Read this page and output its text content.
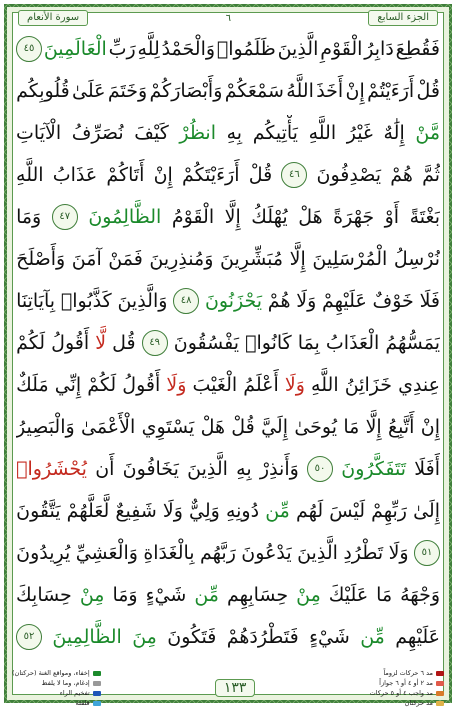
الجزء السابع
٦
سورة الأنعام
فَقُطِعَ
دَابِرُ
الْقَوْمِ
الَّذِينَ
ظَلَمُوا۟
وَالْحَمْدُ
لِلَّهِ
رَبِّ
الْعَالَمِينَ
٤٥
قُلْ
أَرَءَيْتُمْ
إِنْ
أَخَذَ
اللَّهُ
سَمْعَكُمْ
وَأَبْصَارَكُمْ
وَخَتَمَ
عَلَىٰ
قُلُوبِكُم
مَّنْ
إِلَٰهٌ
غَيْرُ
اللَّهِ
يَأْتِيكُم
بِهِ
انظُرْ
كَيْفَ
نُصَرِّفُ
الْآيَاتِ
ثُمَّ
هُمْ
يَصْدِفُونَ
٤٦
قُلْ
أَرَءَيْتَكُمْ
إِنْ
أَتَاكُمْ
عَذَابُ
اللَّهِ
بَغْتَةً
أَوْ
جَهْرَةً
هَلْ
يُهْلَكُ
إِلَّا
الْقَوْمُ
الظَّالِمُونَ
٤٧
وَمَا
نُرْسِلُ
الْمُرْسَلِينَ
إِلَّا
مُبَشِّرِينَ
وَمُنذِرِينَ
فَمَنْ
آمَنَ
وَأَصْلَحَ
فَلَا
خَوْفٌ
عَلَيْهِمْ
وَلَا
هُمْ
يَحْزَنُونَ
٤٨
وَالَّذِينَ
كَذَّبُوا۟
بِآيَاتِنَا
يَمَسُّهُمُ
الْعَذَابُ
بِمَا
كَانُوا۟
يَفْسُقُونَ
٤٩
قُل
لَّا
أَقُولُ
لَكُمْ
عِندِي
خَزَائِنُ
اللَّهِ
وَلَا
أَعْلَمُ
الْغَيْبَ
وَلَا
أَقُولُ
لَكُمْ
إِنِّي
مَلَكٌ
إِنْ
أَتَّبِعُ
إِلَّا
مَا
يُوحَىٰ
إِلَيَّ
قُلْ
هَلْ
يَسْتَوِي
الْأَعْمَىٰ
وَالْبَصِيرُ
أَفَلَا
تَتَفَكَّرُونَ
٥٠
وَأَنذِرْ
بِهِ
الَّذِينَ
يَخَافُونَ
أَن
يُحْشَرُوا۟
إِلَىٰ
رَبِّهِمْ
لَيْسَ
لَهُم
مِّن
دُونِهِ
وَلِيٌّ
وَلَا
شَفِيعٌ
لَّعَلَّهُمْ
يَتَّقُونَ
٥١
وَلَا
تَطْرُدِ
الَّذِينَ
يَدْعُونَ
رَبَّهُم
بِالْغَدَاةِ
وَالْعَشِيِّ
يُرِيدُونَ
وَجْهَهُ
مَا
عَلَيْكَ
مِنْ
حِسَابِهِم
مِّن
شَيْءٍ
وَمَا
مِنْ
حِسَابِكَ
عَلَيْهِم
مِّن
شَيْءٍ
فَتَطْرُدَهُمْ
فَتَكُونَ
مِنَ
الظَّالِمِينَ
٥٢
مد ٦ حركات لزوماً
مد ٢ أو ٤ أو ٦ جوازاً
مد واجب ٤ أو ٥ حركات
مد حركتان
١٣٣
إخفاء، ومواقع الغنة (حركتان)
إدغام، وما لا يلفظ
تفخيم الراء
قلقلة
